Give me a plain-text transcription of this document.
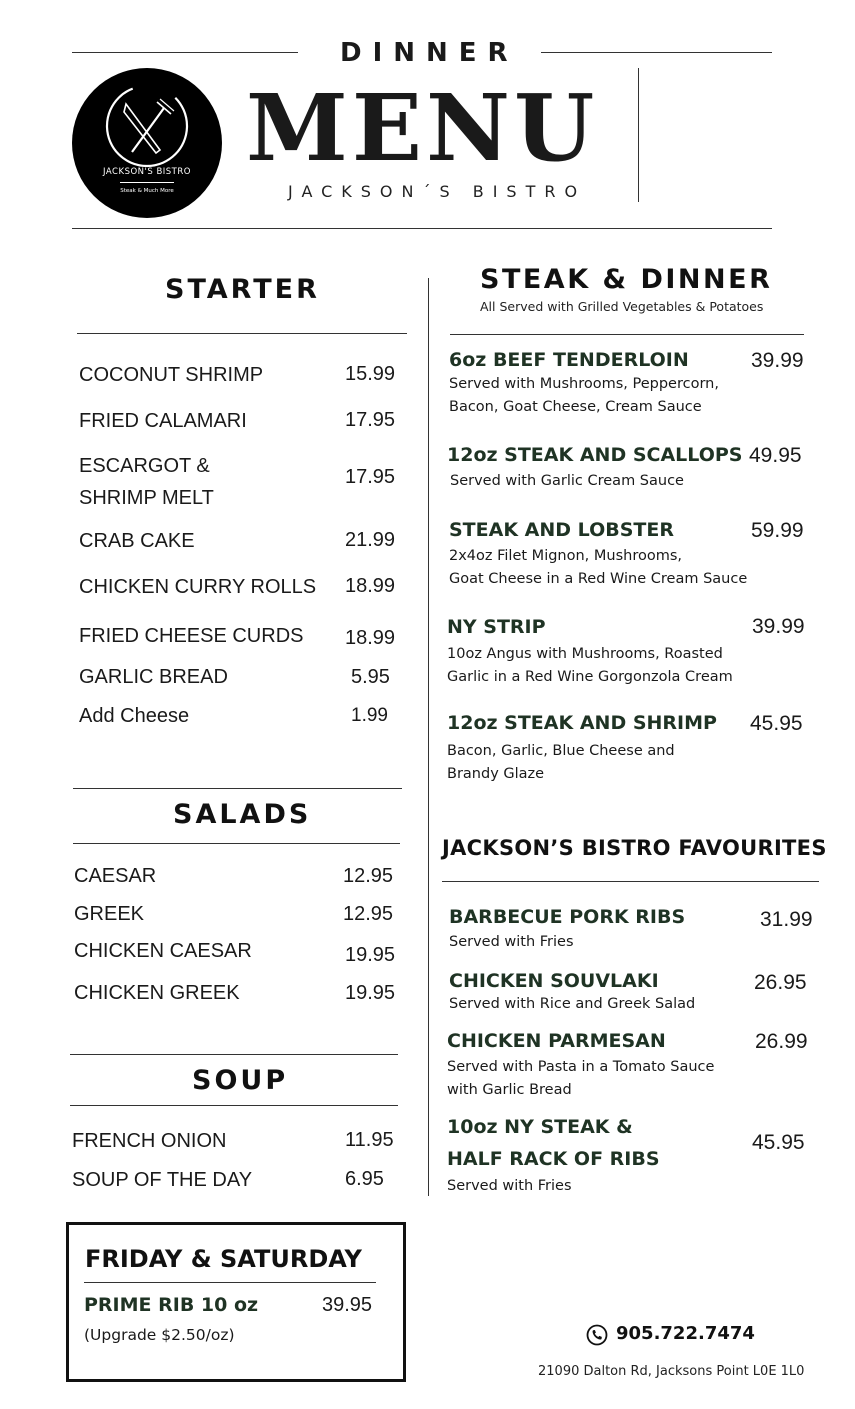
DINNER
MENU
JACKSON´S BISTRO
JACKSON'S BISTRO
Steak & Much More
STARTER
COCONUT SHRIMP	15.99
FRIED CALAMARI	17.95
ESCARGOT &
SHRIMP MELT
17.95
CRAB CAKE	21.99
CHICKEN CURRY ROLLS 18.99
FRIED CHEESE CURDS 18.99
GARLIC BREAD	5.95
Add Cheese	1.99
SALADS
CAESAR	12.95
GREEK	12.95
CHICKEN CAESAR	19.95
CHICKEN GREEK	19.95
SOUP
FRENCH ONION	11.95
SOUP OF THE DAY	6.95
FRIDAY & SATURDAY
PRIME RIB 10 oz	39.95
(Upgrade $2.50/oz)
STEAK & DINNER
All Served with Grilled Vegetables & Potatoes
6oz BEEF TENDERLOIN	39.99
Served with Mushrooms, Peppercorn,
Bacon, Goat Cheese, Cream Sauce
12oz STEAK AND SCALLOPS 49.95
Served with Garlic Cream Sauce
STEAK AND LOBSTER	59.99
2x4oz Filet Mignon, Mushrooms,
Goat Cheese in a Red Wine Cream Sauce
NY STRIP	39.99
10oz Angus with Mushrooms, Roasted
Garlic in a Red Wine Gorgonzola Cream
12oz STEAK AND SHRIMP 45.95
Bacon, Garlic, Blue Cheese and
Brandy Glaze
JACKSON’S BISTRO FAVOURITES
BARBECUE PORK RIBS	31.99
Served with Fries
CHICKEN SOUVLAKI	26.95
Served with Rice and Greek Salad
CHICKEN PARMESAN	26.99
Served with Pasta in a Tomato Sauce
with Garlic Bread
10oz NY STEAK &
HALF RACK OF RIBS
45.95
Served with Fries
905.722.7474
21090 Dalton Rd, Jacksons Point L0E 1L0
